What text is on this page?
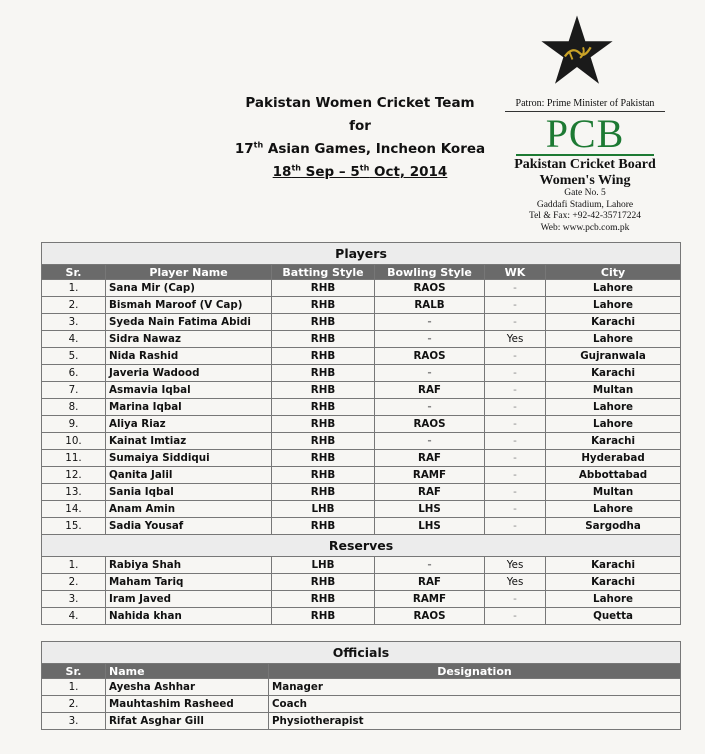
Pakistan Women Cricket Team
for
17th Asian Games, Incheon Korea
18th Sep – 5th Oct, 2014
Patron: Prime Minister of Pakistan
PCB
Pakistan Cricket Board
Women's Wing
Gate No. 5
Gaddafi Stadium, Lahore
Tel & Fax: +92-42-35717224
Web: www.pcb.com.pk
Players					
Sr.	Player Name	Batting Style	Bowling Style	WK	City
1.	Sana Mir (Cap)	RHB	RAOS	-	Lahore
2.	Bismah Maroof (V Cap)	RHB	RALB	-	Lahore
3.	Syeda Nain Fatima Abidi	RHB	-	-	Karachi
4.	Sidra Nawaz	RHB	-	Yes	Lahore
5.	Nida Rashid	RHB	RAOS	-	Gujranwala
6.	Javeria Wadood	RHB	-	-	Karachi
7.	Asmavia Iqbal	RHB	RAF	-	Multan
8.	Marina Iqbal	RHB	-	-	Lahore
9.	Aliya Riaz	RHB	RAOS	-	Lahore
10.	Kainat Imtiaz	RHB	-	-	Karachi
11.	Sumaiya Siddiqui	RHB	RAF	-	Hyderabad
12.	Qanita Jalil	RHB	RAMF	-	Abbottabad
13.	Sania Iqbal	RHB	RAF	-	Multan
14.	Anam Amin	LHB	LHS	-	Lahore
15.	Sadia Yousaf	RHB	LHS	-	Sargodha
Reserves					
1.	Rabiya Shah	LHB	-	Yes	Karachi
2.	Maham Tariq	RHB	RAF	Yes	Karachi
3.	Iram Javed	RHB	RAMF	-	Lahore
4.	Nahida khan	RHB	RAOS	-	Quetta
Officials		
Sr.	Name	Designation
1.	Ayesha Ashhar	Manager
2.	Mauhtashim Rasheed	Coach
3.	Rifat Asghar Gill	Physiotherapist
